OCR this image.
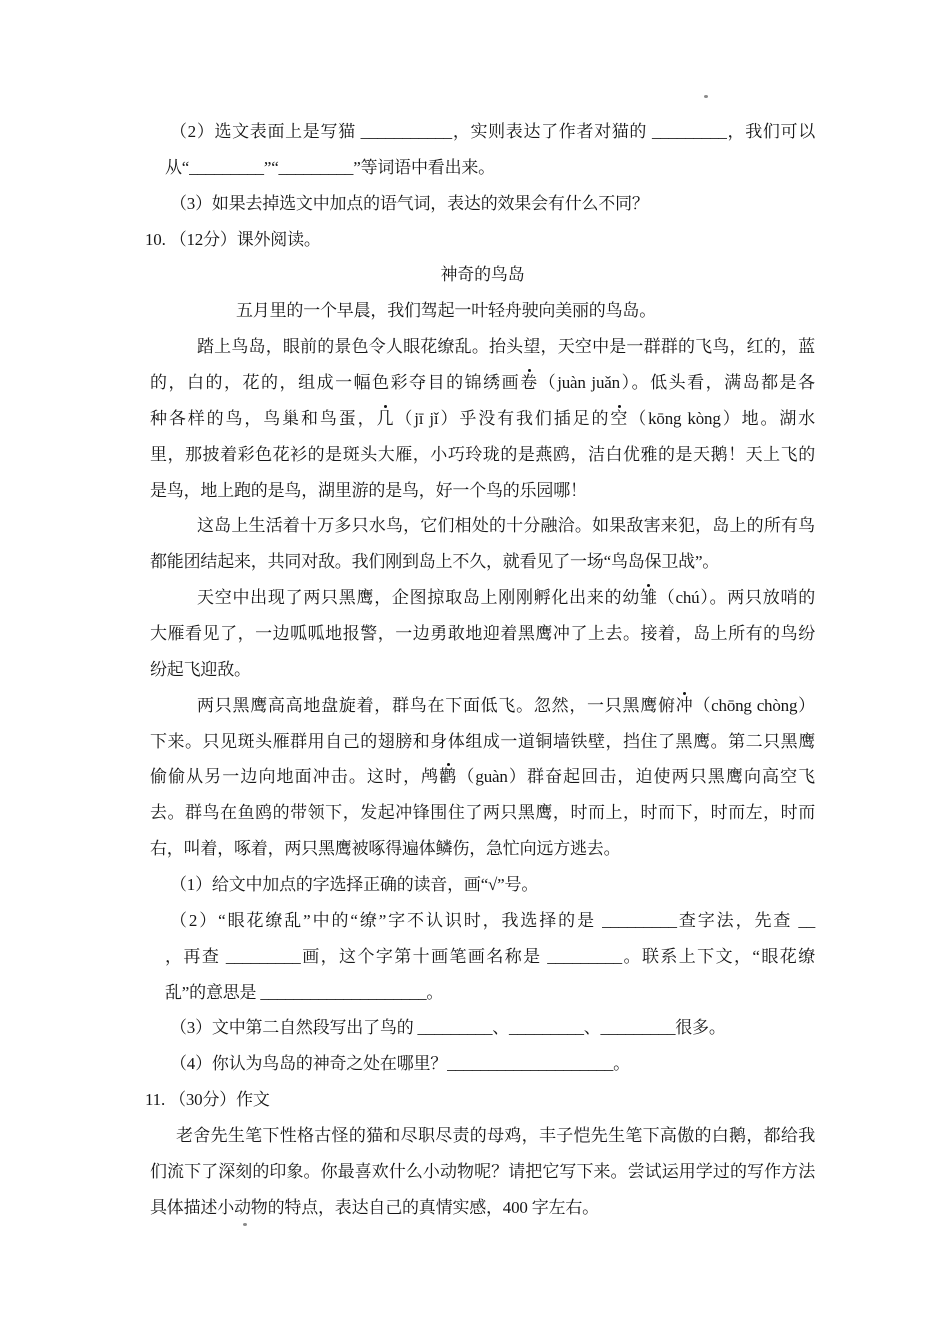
（2）选文表面上是写猫 ___________，实则表达了作者对猫的 _________，我们可以
从“_________”“_________”等词语中看出来。
（3）如果去掉选文中加点的语气词，表达的效果会有什么不同？
10. （12分）课外阅读。
神奇的鸟岛
五月里的一个早晨，我们驾起一叶轻舟驶向美丽的鸟岛。
踏上鸟岛，眼前的景色令人眼花缭乱。抬头望，天空中是一群群的飞鸟，红的，蓝
的，白的，花的，组成一幅色彩夺目的锦绣画卷（juàn juǎn）。低头看，满岛都是各
种各样的鸟，鸟巢和鸟蛋，几（jī jǐ）乎没有我们插足的空（kōng kòng）地。湖水
里，那披着彩色花衫的是斑头大雁，小巧玲珑的是燕鸥，洁白优雅的是天鹅！天上飞的
是鸟，地上跑的是鸟，湖里游的是鸟，好一个鸟的乐园哪！
这岛上生活着十万多只水鸟，它们相处的十分融洽。如果敌害来犯，岛上的所有鸟
都能团结起来，共同对敌。我们刚到岛上不久，就看见了一场“鸟岛保卫战”。
天空中出现了两只黑鹰，企图掠取岛上刚刚孵化出来的幼雏（chú）。两只放哨的
大雁看见了，一边呱呱地报警，一边勇敢地迎着黑鹰冲了上去。接着，岛上所有的鸟纷
纷起飞迎敌。
两只黑鹰高高地盘旋着，群鸟在下面低飞。忽然，一只黑鹰俯冲（chōng chòng）
下来。只见斑头雁群用自己的翅膀和身体组成一道铜墙铁壁，挡住了黑鹰。第二只黑鹰
偷偷从另一边向地面冲击。这时，鸬鹳（guàn）群奋起回击，迫使两只黑鹰向高空飞
去。群鸟在鱼鸥的带领下，发起冲锋围住了两只黑鹰，时而上，时而下，时而左，时而
右，叫着，啄着，两只黑鹰被啄得遍体鳞伤，急忙向远方逃去。
（1）给文中加点的字选择正确的读音，画“√”号。
（2）“眼花缭乱”中的“缭”字不认识时，我选择的是 _________查字法，先查 __
，再查 _________画，这个字第十画笔画名称是 _________。联系上下文，“眼花缭
乱”的意思是 ____________________。
（3）文中第二自然段写出了鸟的 _________、_________、_________很多。
（4）你认为鸟岛的神奇之处在哪里？____________________。
11. （30分）作文
老舍先生笔下性格古怪的猫和尽职尽责的母鸡，丰子恺先生笔下高傲的白鹅，都给我
们流下了深刻的印象。你最喜欢什么小动物呢？请把它写下来。尝试运用学过的写作方法
具体描述小动物的特点，表达自己的真情实感，400 字左右。
